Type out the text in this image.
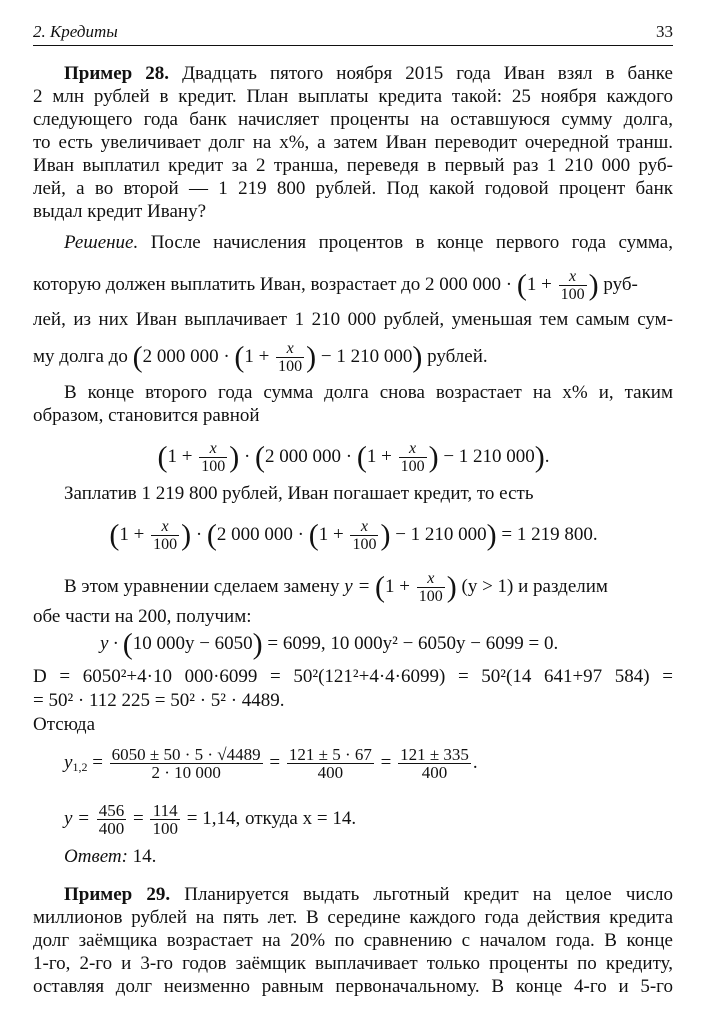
2. Кредиты	33
Пример 28. Двадцать пятого ноября 2015 года Иван взял в банке
2 млн рублей в кредит. План выплаты кредита такой: 25 ноября каждого
следующего года банк начисляет проценты на оставшуюся сумму долга,
то есть увеличивает долг на x%, а затем Иван переводит очередной транш.
Иван выплатил кредит за 2 транша, переведя в первый раз 1 210 000 руб-
лей, а во второй — 1 219 800 рублей. Под какой годовой процент банк
выдал кредит Ивану?
Решение. После начисления процентов в конце первого года сумма,
которую должен выплатить Иван, возрастает до 2 000 $000 \cdot (1 + \frac{x}{100}$ ) руб-
лей, из них Иван выплачивает 1 210 000 рублей, уменьшая тем самым сум-
му долга до (2 000 $000 \cdot (1 + \frac{x}{100}$ ) − 1 210 000) рублей.
В конце второго года сумма долга снова возрастает на x% и, таким
образом, становится равной
($1 + \frac{x}{100}$ ) · (2 000 $000 \cdot (1 + \frac{x}{100}$ ) − 1 210 000).
Заплатив 1 219 800 рублей, Иван погашает кредит, то есть
($1 + \frac{x}{100}$ ) · (2 000 $000 \cdot (1 + \frac{x}{100}$ ) − 1 210 000) = 1 219 800.
В этом уравнении сделаем замену $y = (1 + \frac{x}{100}$ ) (y > 1) и разделим
обе части на 200, получим:
y · (10 000y − 6050) = 6099, 10 000y² − 6050y − 6099 = 0.
D = 6050²+4·10 000·6099 = 50²(121²+4·4·6099) = 50²(14 641+97 584) =
= 50² · 112 225 = 50² · 5² · 4489.
Отсюда
$y_{1,2} = \frac{6050 \pm 50 \cdot 5 \cdot √4489}{2 \cdot 10 000} = \frac{121 \pm 5 \cdot 67}{400} = \frac{121 \pm 335}{400}$ .
$y = \frac{456}{400} = \frac{114}{100} = 1,14$, откуда x = 14.
Ответ: 14.
Пример 29. Планируется выдать льготный кредит на целое число
миллионов рублей на пять лет. В середине каждого года действия кредита
долг заёмщика возрастает на 20% по сравнению с началом года. В конце
1-го, 2-го и 3-го годов заёмщик выплачивает только проценты по кредиту,
оставляя долг неизменно равным первоначальному. В конце 4-го и 5-го
